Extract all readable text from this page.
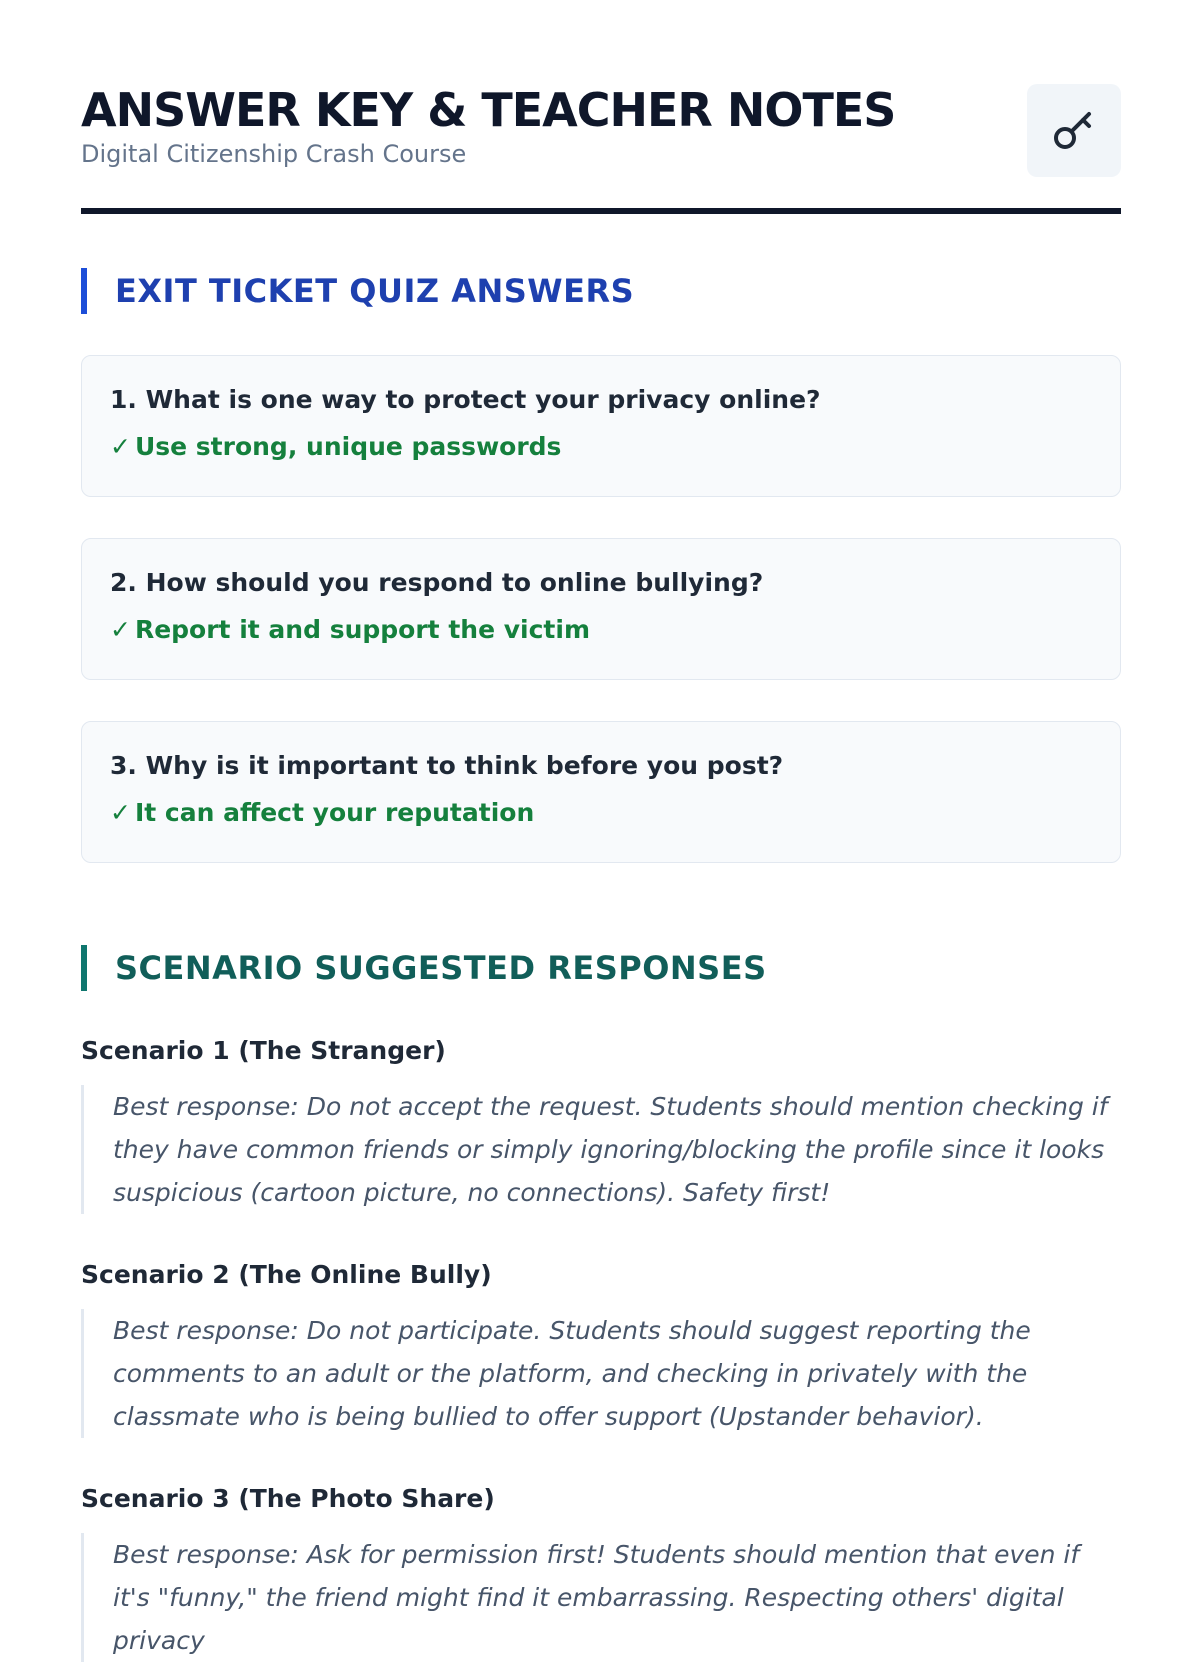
ANSWER KEY & TEACHER NOTES
Digital Citizenship Crash Course
EXIT TICKET QUIZ ANSWERS
1. What is one way to protect your privacy online?
✓ Use strong, unique passwords
2. How should you respond to online bullying?
✓ Report it and support the victim
3. Why is it important to think before you post?
✓ It can affect your reputation
SCENARIO SUGGESTED RESPONSES
Scenario 1 (The Stranger)
Best response: Do not accept the request. Students should mention checking if they have common friends or simply ignoring/blocking the profile since it looks suspicious (cartoon picture, no connections). Safety first!
Scenario 2 (The Online Bully)
Best response: Do not participate. Students should suggest reporting the comments to an adult or the platform, and checking in privately with the classmate who is being bullied to offer support (Upstander behavior).
Scenario 3 (The Photo Share)
Best response: Ask for permission first! Students should mention that even if it's "funny," the friend might find it embarrassing. Respecting others' digital privacy
